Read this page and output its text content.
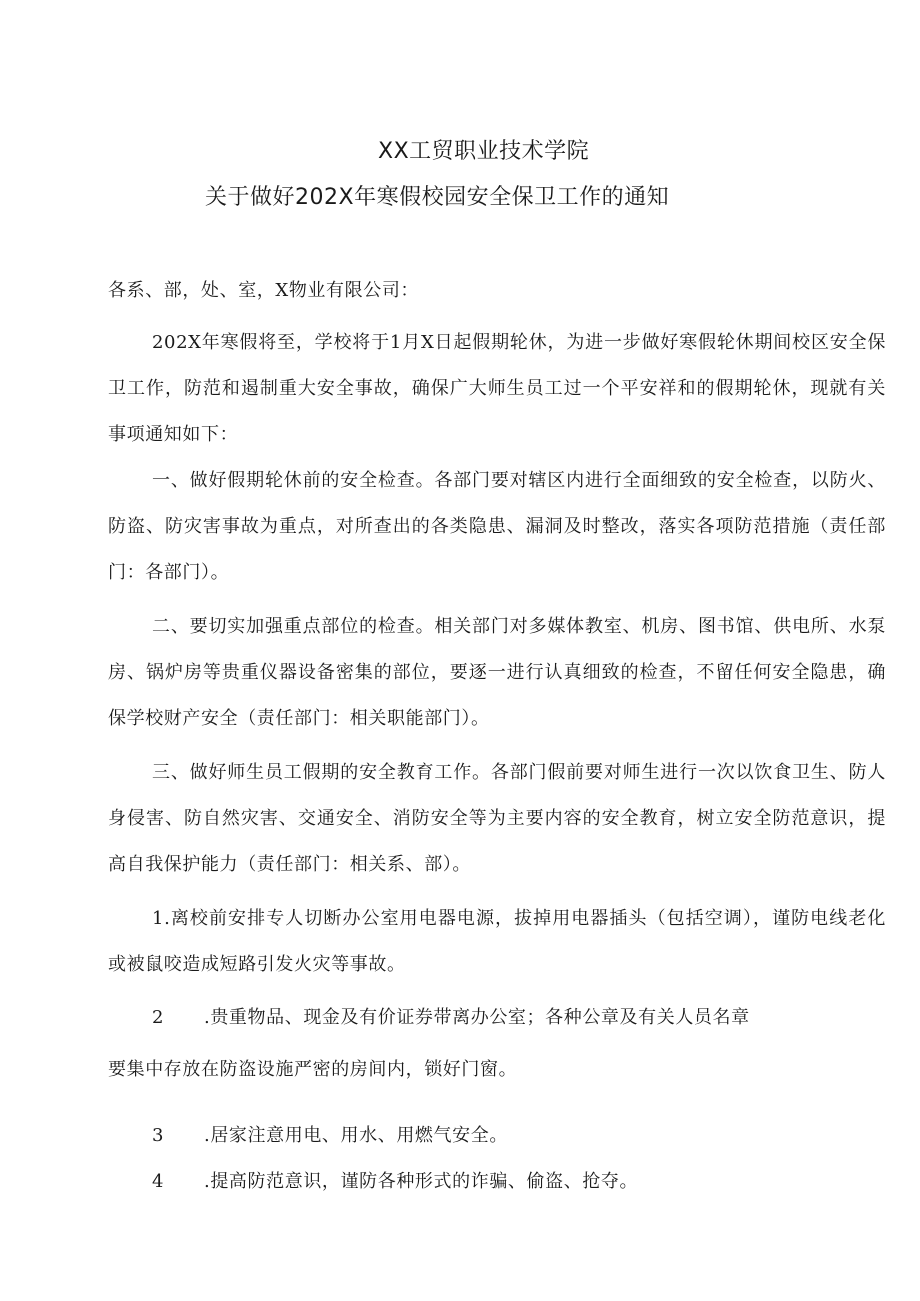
XX工贸职业技术学院
关于做好202X年寒假校园安全保卫工作的通知
各系、部，处、室，X物业有限公司：
202X年寒假将至，学校将于1月X日起假期轮休，为进一步做好寒假轮休期间校区安全保卫工作，防范和遏制重大安全事故，确保广大师生员工过一个平安祥和的假期轮休，现就有关事项通知如下：
一、做好假期轮休前的安全检查。各部门要对辖区内进行全面细致的安全检查，以防火、防盗、防灾害事故为重点，对所查出的各类隐患、漏洞及时整改，落实各项防范措施（责任部门：各部门）。
二、要切实加强重点部位的检查。相关部门对多媒体教室、机房、图书馆、供电所、水泵房、锅炉房等贵重仪器设备密集的部位，要逐一进行认真细致的检查，不留任何安全隐患，确保学校财产安全（责任部门：相关职能部门）。
三、做好师生员工假期的安全教育工作。各部门假前要对师生进行一次以饮食卫生、防人身侵害、防自然灾害、交通安全、消防安全等为主要内容的安全教育，树立安全防范意识，提高自我保护能力（责任部门：相关系、部）。
1.离校前安排专人切断办公室用电器电源，拔掉用电器插头（包括空调），谨防电线老化或被鼠咬造成短路引发火灾等事故。
2 .贵重物品、现金及有价证券带离办公室；各种公章及有关人员名章
要集中存放在防盗设施严密的房间内，锁好门窗。
3 .居家注意用电、用水、用燃气安全。
4 .提高防范意识，谨防各种形式的诈骗、偷盗、抢夺。
